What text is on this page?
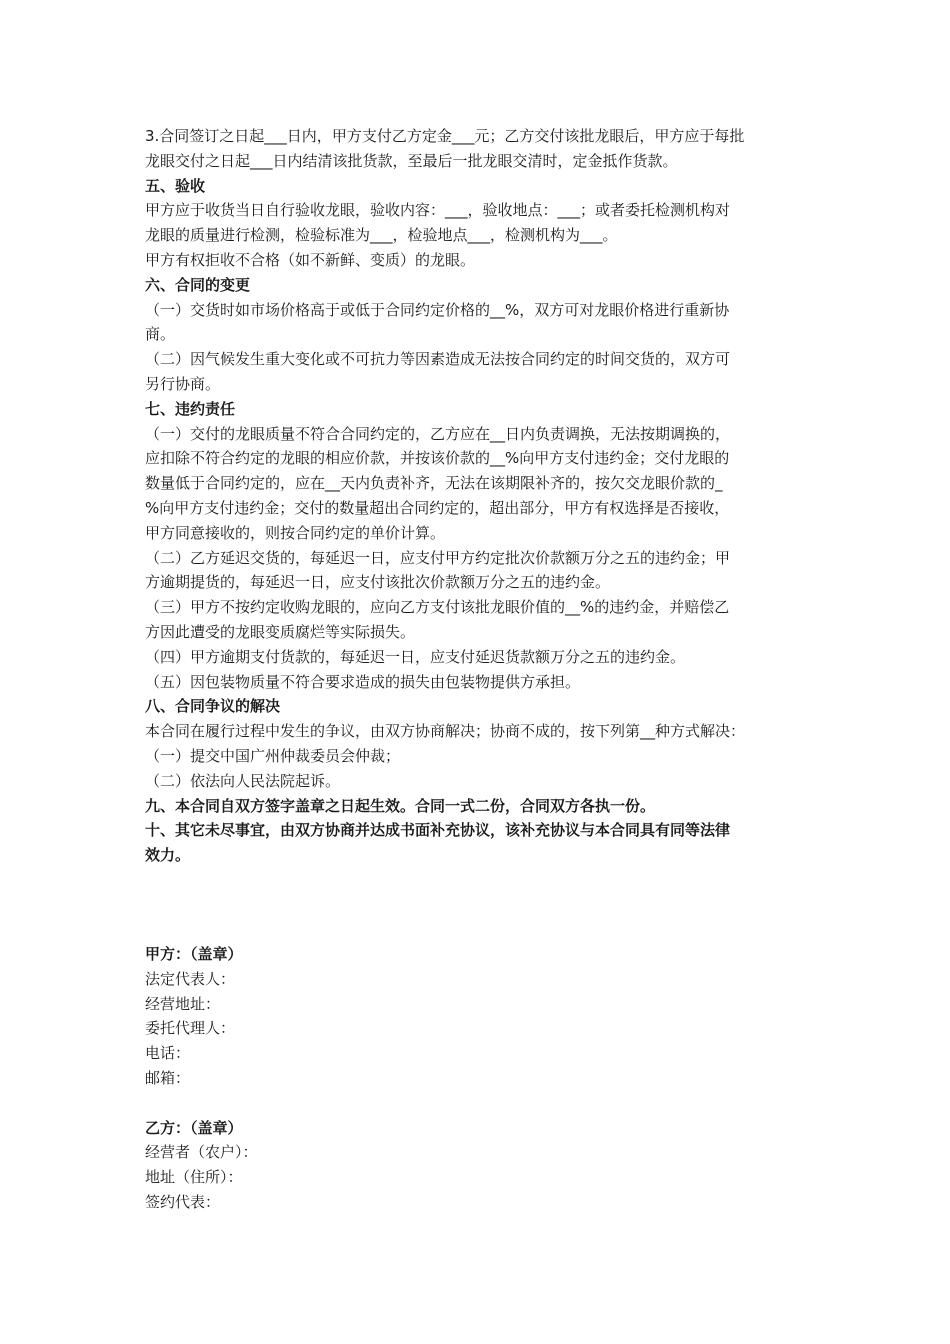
3.合同签订之日起___日内，甲方支付乙方定金___元；乙方交付该批龙眼后，甲方应于每批

龙眼交付之日起___日内结清该批货款，至最后一批龙眼交清时，定金抵作货款。

五、验收

甲方应于收货当日自行验收龙眼，验收内容：___，验收地点：___；或者委托检测机构对

龙眼的质量进行检测，检验标准为___，检验地点___，检测机构为___。

甲方有权拒收不合格（如不新鲜、变质）的龙眼。

六、合同的变更

（一）交货时如市场价格高于或低于合同约定价格的__%，双方可对龙眼价格进行重新协

商。

（二）因气候发生重大变化或不可抗力等因素造成无法按合同约定的时间交货的，双方可

另行协商。

七、违约责任

（一）交付的龙眼质量不符合合同约定的，乙方应在__日内负责调换，无法按期调换的，

应扣除不符合约定的龙眼的相应价款，并按该价款的__%向甲方支付违约金；交付龙眼的

数量低于合同约定的，应在__天内负责补齐，无法在该期限补齐的，按欠交龙眼价款的_

%向甲方支付违约金；交付的数量超出合同约定的，超出部分，甲方有权选择是否接收，

甲方同意接收的，则按合同约定的单价计算。

（二）乙方延迟交货的，每延迟一日，应支付甲方约定批次价款额万分之五的违约金；甲

方逾期提货的，每延迟一日，应支付该批次价款额万分之五的违约金。

（三）甲方不按约定收购龙眼的，应向乙方支付该批龙眼价值的__%的违约金，并赔偿乙

方因此遭受的龙眼变质腐烂等实际损失。

（四）甲方逾期支付货款的，每延迟一日，应支付延迟货款额万分之五的违约金。

（五）因包装物质量不符合要求造成的损失由包装物提供方承担。

八、合同争议的解决

本合同在履行过程中发生的争议，由双方协商解决；协商不成的，按下列第__种方式解决：

（一）提交中国广州仲裁委员会仲裁；

（二）依法向人民法院起诉。

九、本合同自双方签字盖章之日起生效。合同一式二份，合同双方各执一份。

十、其它未尽事宜，由双方协商并达成书面补充协议，该补充协议与本合同具有同等法律

效力。

甲方：（盖章）

法定代表人：

经营地址：

委托代理人：

电话：

邮箱：

乙方：（盖章）

经营者（农户）：

地址（住所）：

签约代表：
